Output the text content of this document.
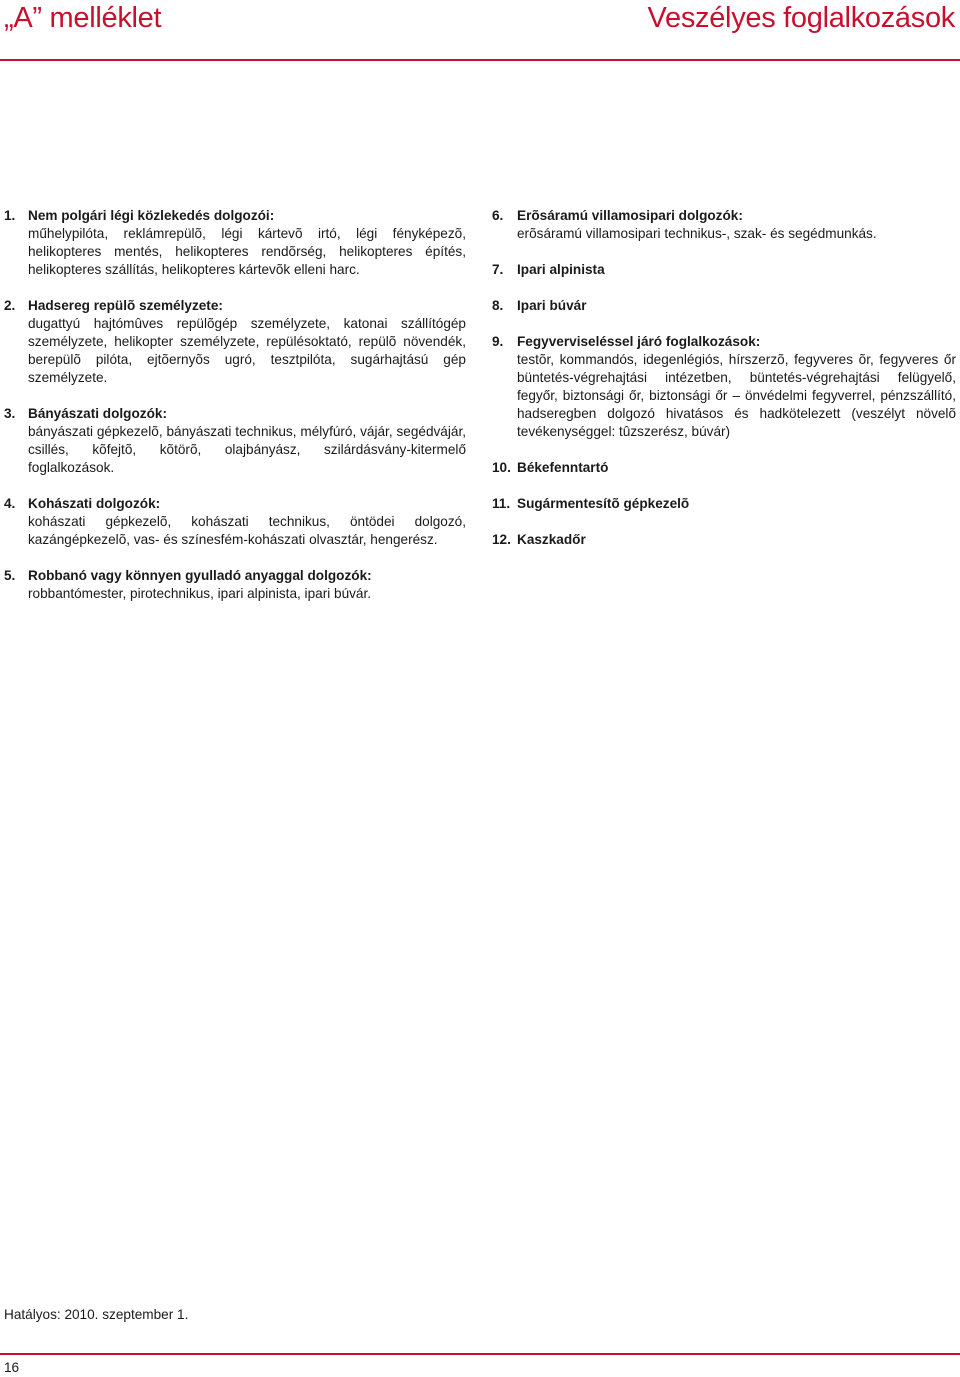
„A” melléklet	Veszélyes foglalkozások
1. Nem polgári légi közlekedés dolgozói:
műhelypilóta, reklámrepülõ, légi kártevõ irtó, légi fényképezõ, helikopteres mentés, helikopteres rendõrség, helikopteres építés, helikopteres szállítás, helikopteres kártevõk elleni harc.
2. Hadsereg repülõ személyzete:
dugattyú hajtómûves repülõgép személyzete, katonai szállítógép személyzete, helikopter személyzete, repülésoktató, repülõ növendék, berepülõ pilóta, ejtõernyõs ugró, tesztpilóta, sugárhajtású gép személyzete.
3. Bányászati dolgozók:
bányászati gépkezelõ, bányászati technikus, mélyfúró, vájár, segédvájár, csillés, kõfejtõ, kõtörõ, olajbányász, szilárdásvány-kitermelő foglalkozások.
4. Kohászati dolgozók:
kohászati gépkezelõ, kohászati technikus, öntödei dolgozó, kazángépkezelõ, vas- és színesfém-kohászati olvasztár, hengerész.
5. Robbanó vagy könnyen gyulladó anyaggal dolgozók:
robbantómester, pirotechnikus, ipari alpinista, ipari búvár.
6.	Erõsáramú villamosipari dolgozók:
erõsáramú villamosipari technikus-, szak- és segédmunkás.
7.	Ipari alpinista
8.	Ipari búvár
9.	Fegyverviseléssel járó foglalkozások:
testõr, kommandós, idegenlégiós, hírszerzõ, fegyveres õr, fegyveres őr büntetés-végrehajtási intézetben, büntetés-végrehajtási felügyelő, fegyőr, biztonsági őr, biztonsági őr – önvédelmi fegyverrel, pénzszállító, hadseregben dolgozó hivatásos és hadkötelezett (veszélyt növelõ tevékenységgel: tûzszerész, búvár)
10. Békefenntartó
11. Sugármentesítõ gépkezelõ
12. Kaszkadőr
Hatályos: 2010. szeptember 1.
16
